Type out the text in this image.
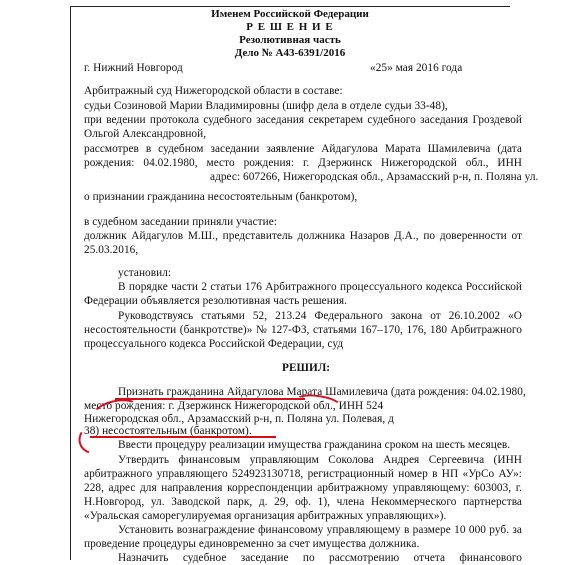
Именем Российской Федерации
Р Е Ш Е Н И Е
Резолютивная часть
Дело № А43-6391/2016
г. Нижний Новгород	«25» мая 2016 года
Арбитражный суд Нижегородской области в составе:
судьи Созиновой Марии Владимировны (шифр дела в отделе судьи 33-48),
при ведении протокола судебного заседания секретарем судебного заседания Гроздевой
Ольгой Александровной,
рассмотрев в судебном заседании заявление Айдагулова Марата Шамилевича (дата
рождения: 04.02.1980, место рождения: г. Дзержинск Нижегородской обл., ИНН
адрес: 607266, Нижегородская обл., Арзамасский р-н, п. Поляна ул.
о признании гражданина несостоятельным (банкротом),
в судебном заседании приняли участие:
должник Айдагулов М.Ш., представитель должника Назаров Д.А., по доверенности от
25.03.2016,
установил:
В порядке части 2 статьи 176 Арбитражного процессуального кодекса Российской
Федерации объявляется резолютивная часть решения.
Руководствуясь статьями 52, 213.24 Федерального закона от 26.10.2002 «О
несостоятельности (банкротстве)» № 127-ФЗ, статьями 167–170, 176, 180 Арбитражного
процессуального кодекса Российской Федерации, суд
РЕШИЛ:
Признать гражданина Айдагулова Марата Шамилевича (дата рождения: 04.02.1980,
место рождения: г. Дзержинск Нижегородской обл., ИНН 524
Нижегородская обл., Арзамасский р-н, п. Поляна ул. Полевая, д
38) несостоятельным (банкротом).
Ввести процедуру реализации имущества гражданина сроком на шесть месяцев.
Утвердить финансовым управляющим Соколова Андрея Сергеевича (ИНН
арбитражного управляющего 524923130718, регистрационный номер в НП «УрСо АУ»:
228, адрес для направления корреспонденции арбитражному управляющему: 603003, г.
Н.Новгород, ул. Заводской парк, д. 29, оф. 1), члена Некоммерческого партнерства
«Уральская саморегулируемая организация арбитражных управляющих»).
Установить вознаграждение финансовому управляющему в размере 10 000 руб. за
проведение процедуры единовременно за счет имущества должника.
Назначить судебное заседание по рассмотрению отчета финансового
